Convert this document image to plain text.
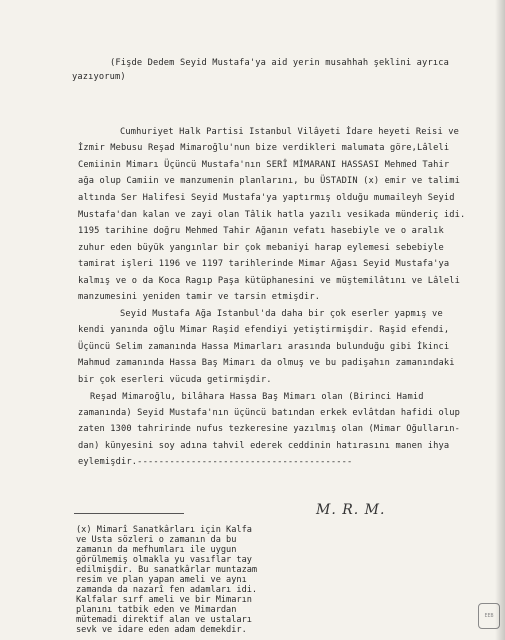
(Fişde Dedem Seyid Mustafa'ya aid yerin musahhah şeklini ayrıca
yazıyorum)
Cumhuriyet Halk Partisi Istanbul Vilâyeti İdare heyeti Reisi ve
İzmir Mebusu Reşad Mimaroğlu'nun bize verdikleri malumata göre,Lâleli
Cemiinin Mimarı Üçüncü Mustafa'nın SERÎ MİMARANI HASSASI Mehmed Tahir
ağa olup Camiin ve manzumenin planlarını, bu ÜSTADIN (x) emir ve talimi
altında Ser Halifesi Seyid Mustafa'ya yaptırmış olduğu mumaileyh Seyid
Mustafa'dan kalan ve zayi olan Tâlik hatla yazılı vesikada münderiç idi.
1195 tarihine doğru Mehmed Tahir Ağanın vefatı hasebiyle ve o aralık
zuhur eden büyük yangınlar bir çok mebaniyi harap eylemesi sebebiyle
tamirat işleri 1196 ve 1197 tarihlerinde Mimar Ağası Seyid Mustafa'ya
kalmış ve o da Koca Ragıp Paşa kütüphanesini ve müştemilâtını ve Lâleli
manzumesini yeniden tamir ve tarsin etmişdir.
Seyid Mustafa Ağa Istanbul'da daha bir çok eserler yapmış ve
kendi yanında oğlu Mimar Raşid efendiyi yetiştirmişdir. Raşid efendi,
Üçüncü Selim zamanında Hassa Mimarları arasında bulunduğu gibi İkinci
Mahmud zamanında Hassa Baş Mimarı da olmuş ve bu padişahın zamanındaki
bir çok eserleri vücuda getirmişdir.
Reşad Mimaroğlu, bilâhara Hassa Baş Mimarı olan (Birinci Hamid
zamanında) Seyid Mustafa'nın üçüncü batından erkek evlâtdan hafidi olup
zaten 1300 tahririnde nufus tezkeresine yazılmış olan (Mimar Oğulların-
dan) künyesini soy adına tahvil ederek ceddinin hatırasını manen ihya
eylemişdir.----------------------------------------
M. R. M.
(x) Mimarî Sanatkârları için Kalfa
ve Usta sözleri o zamanın da bu
zamanın da mefhumları ile uygun
görülmemiş olmakla yu vasıflar tay
edilmişdir. Bu sanatkârlar muntazam
resim ve plan yapan ameli ve aynı
zamanda da nazarî fen adamları idi.
Kalfalar sırf ameli ve bir Mimarın
planını tatbik eden ve Mimardan
mütemadi direktif alan ve ustaları
sevk ve idare eden adam demekdir.
EEB
